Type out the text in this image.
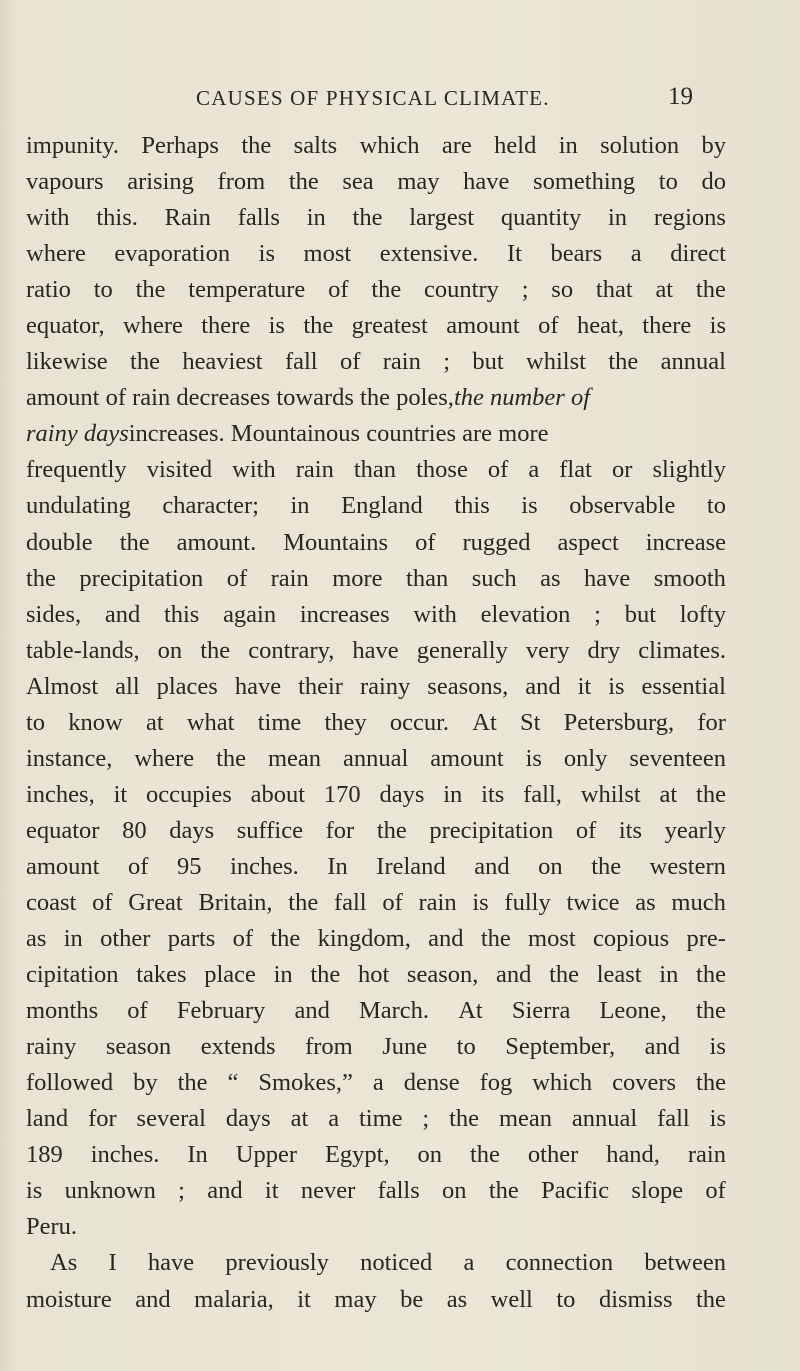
CAUSES OF PHYSICAL CLIMATE.	19
impunity. Perhaps the salts which are held in solution by
vapours arising from the sea may have something to do
with this. Rain falls in the largest quantity in regions
where evaporation is most extensive. It bears a direct
ratio to the temperature of the country ; so that at the
equator, where there is the greatest amount of heat, there is
likewise the heaviest fall of rain ; but whilst the annual
amount of rain decreases towards the poles,the number of
rainy daysincreases. Mountainous countries are more
frequently visited with rain than those of a flat or slightly
undulating character; in England this is observable to
double the amount. Mountains of rugged aspect increase
the precipitation of rain more than such as have smooth
sides, and this again increases with elevation ; but lofty
table-lands, on the contrary, have generally very dry climates.
Almost all places have their rainy seasons, and it is essential
to know at what time they occur. At St Petersburg, for
instance, where the mean annual amount is only seventeen
inches, it occupies about 170 days in its fall, whilst at the
equator 80 days suffice for the precipitation of its yearly
amount of 95 inches. In Ireland and on the western
coast of Great Britain, the fall of rain is fully twice as much
as in other parts of the kingdom, and the most copious pre-
cipitation takes place in the hot season, and the least in the
months of February and March. At Sierra Leone, the
rainy season extends from June to September, and is
followed by the “ Smokes,” a dense fog which covers the
land for several days at a time ; the mean annual fall is
189 inches. In Upper Egypt, on the other hand, rain
is unknown ; and it never falls on the Pacific slope of
Peru.
As I have previously noticed a connection between
moisture and malaria, it may be as well to dismiss the
